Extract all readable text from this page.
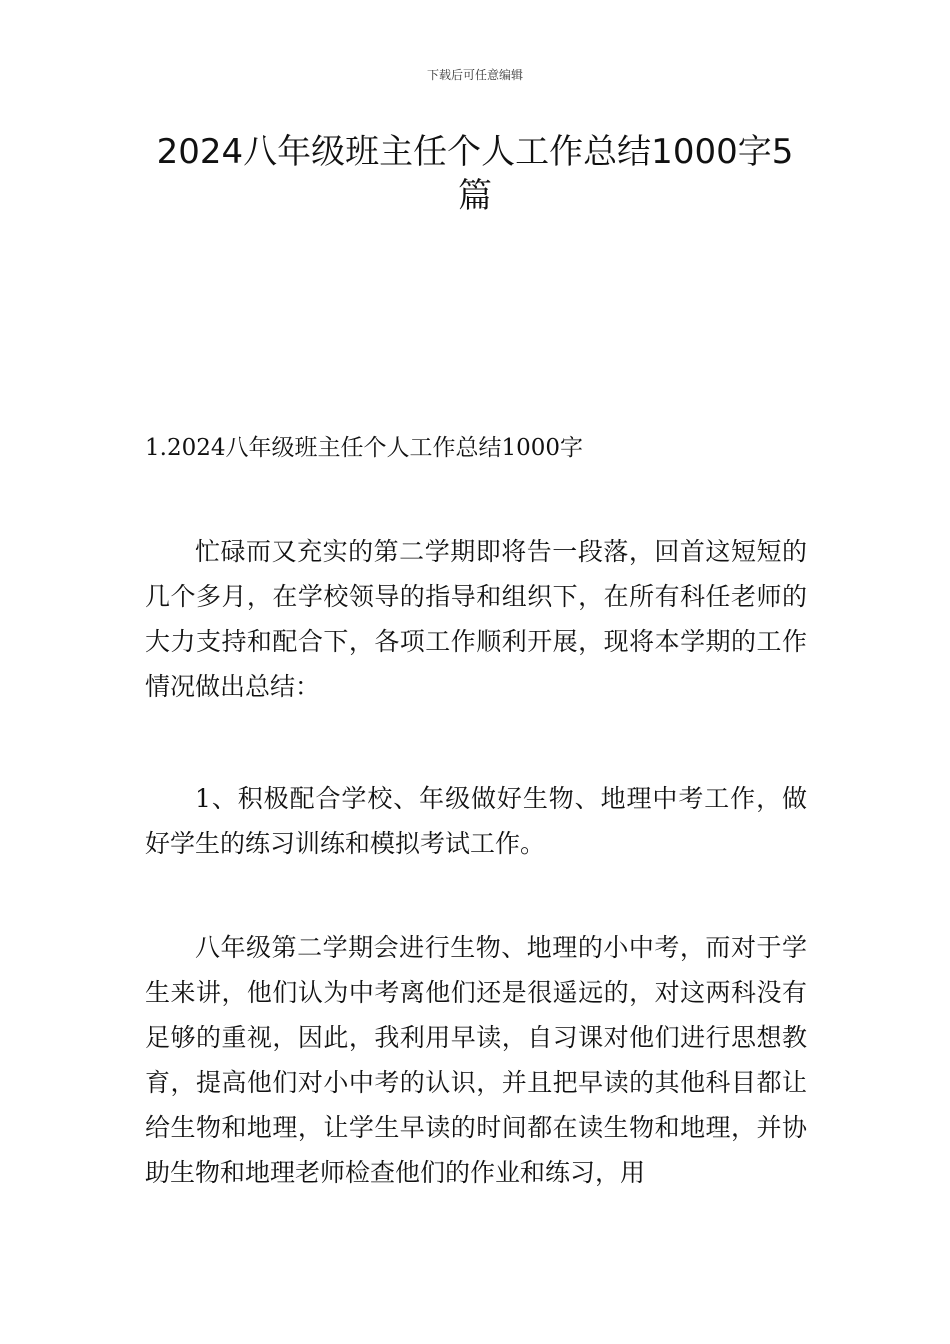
下载后可任意编辑
2024八年级班主任个人工作总结1000字5篇
1.2024八年级班主任个人工作总结1000字

忙碌而又充实的第二学期即将告一段落，回首这短短的几个多月，在学校领导的指导和组织下，在所有科任老师的大力支持和配合下，各项工作顺利开展，现将本学期的工作情况做出总结：

1、积极配合学校、年级做好生物、地理中考工作，做好学生的练习训练和模拟考试工作。

八年级第二学期会进行生物、地理的小中考，而对于学生来讲，他们认为中考离他们还是很遥远的，对这两科没有足够的重视，因此，我利用早读，自习课对他们进行思想教育，提高他们对小中考的认识，并且把早读的其他科目都让给生物和地理，让学生早读的时间都在读生物和地理，并协助生物和地理老师检查他们的作业和练习，用
